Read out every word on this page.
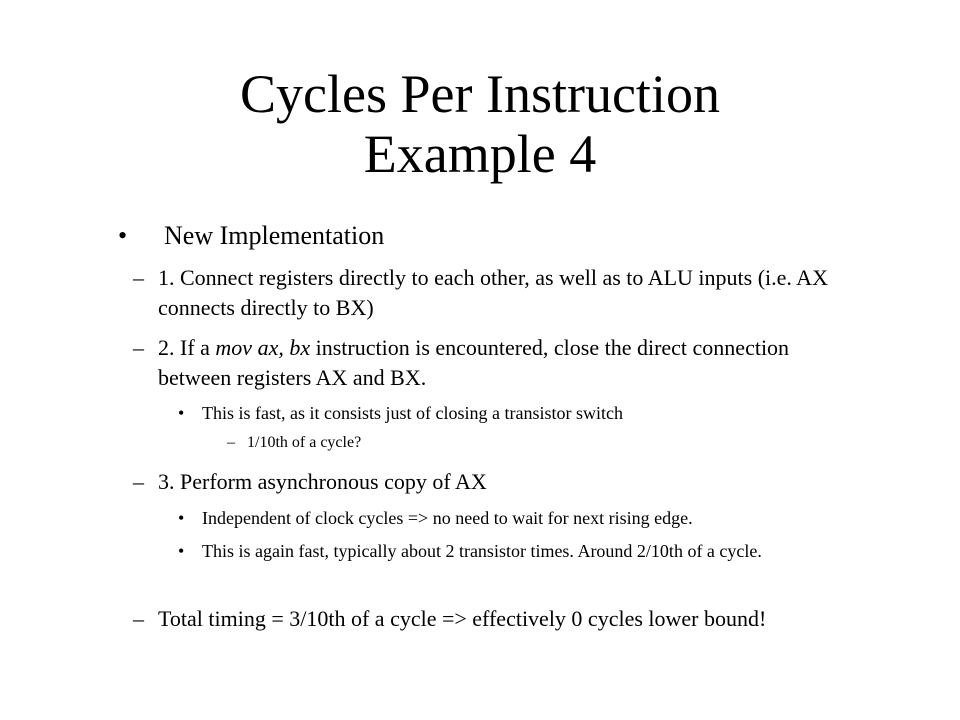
Cycles Per Instruction
Example 4
•	New Implementation
– 1. Connect registers directly to each other, as well as to ALU inputs (i.e. AX connects directly to BX)
– 2. If a mov ax, bx instruction is encountered, close the direct connection between registers AX and BX.
• This is fast, as it consists just of closing a transistor switch
– 1/10th of a cycle?
– 3. Perform asynchronous copy of AX
• Independent of clock cycles => no need to wait for next rising edge.
• This is again fast, typically about 2 transistor times. Around 2/10th of a cycle.
– Total timing = 3/10th of a cycle => effectively 0 cycles lower bound!
